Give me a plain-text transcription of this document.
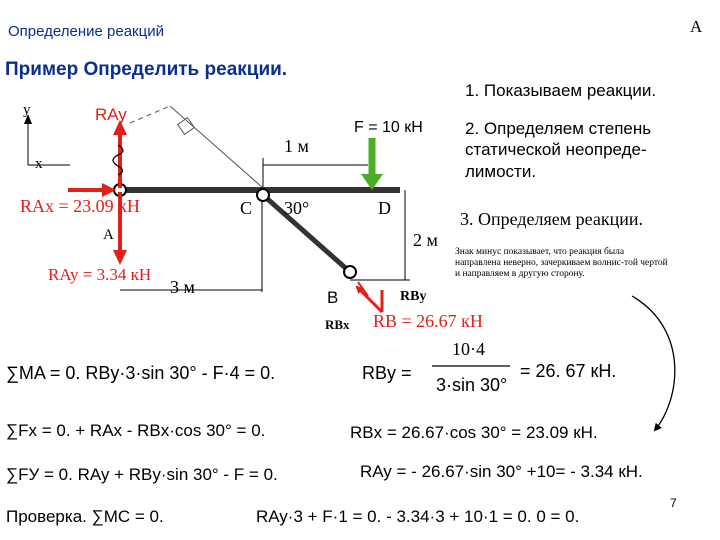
Определение реакций	А
Пример Определить реакции.
1. Показываем реакции.
2. Определяем степень статической неопреде-лимости.
3. Определяем реакции.
Знак минус показывает, что реакция была направлена неверно, зачеркиваем волнис-той чертой и направляем в другую сторону.
y
x
RAy
RAx = 23.09 кН
A
C	D
B
F = 10 кН
1 м
2 м
3 м
30°
RAy = 3.34 кН
RBy
RBx RB = 26.67 кН
∑MA = 0. RBy·3·sin 30° - F·4 = 0.	RBy =
10·4
3·sin 30°
= 26. 67 кН.
∑Fx = 0. + RAx - RBx·cos 30° = 0.	RBx = 26.67·cos 30° = 23.09 кН.
∑FУ = 0. RAy + RBy·sin 30° - F = 0.	RAy = - 26.67·sin 30° +10= - 3.34 кН.
Проверка. ∑MC = 0.	RAy·3 + F·1 = 0. - 3.34·3 + 10·1 = 0. 0 = 0.
7
